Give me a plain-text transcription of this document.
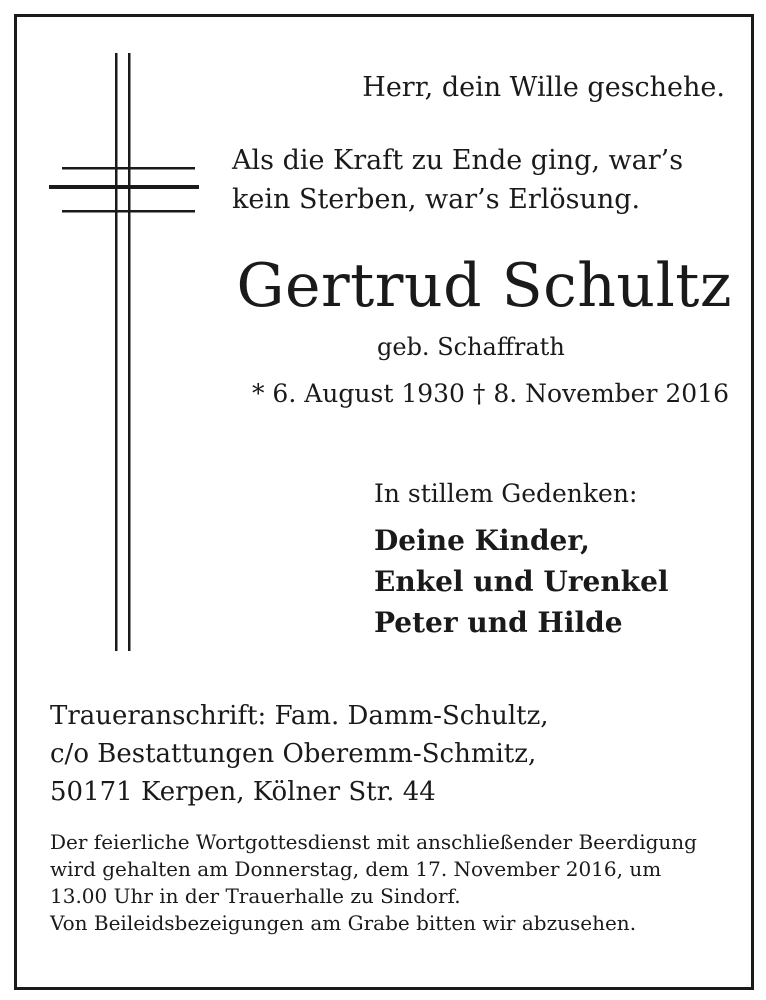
Herr, dein Wille geschehe.
Als die Kraft zu Ende ging, war’s
kein Sterben, war’s Erlösung.
Gertrud Schultz
geb. Schaffrath
* 6. August 1930 † 8. November 2016
In stillem Gedenken:
Deine Kinder,
Enkel und Urenkel
Peter und Hilde
Traueranschrift: Fam. Damm-Schultz,
c/o Bestattungen Oberemm-Schmitz,
50171 Kerpen, Kölner Str. 44
Der feierliche Wortgottesdienst mit anschließender Beerdigung
wird gehalten am Donnerstag, dem 17. November 2016, um
13.00 Uhr in der Trauerhalle zu Sindorf.
Von Beileidsbezeigungen am Grabe bitten wir abzusehen.
